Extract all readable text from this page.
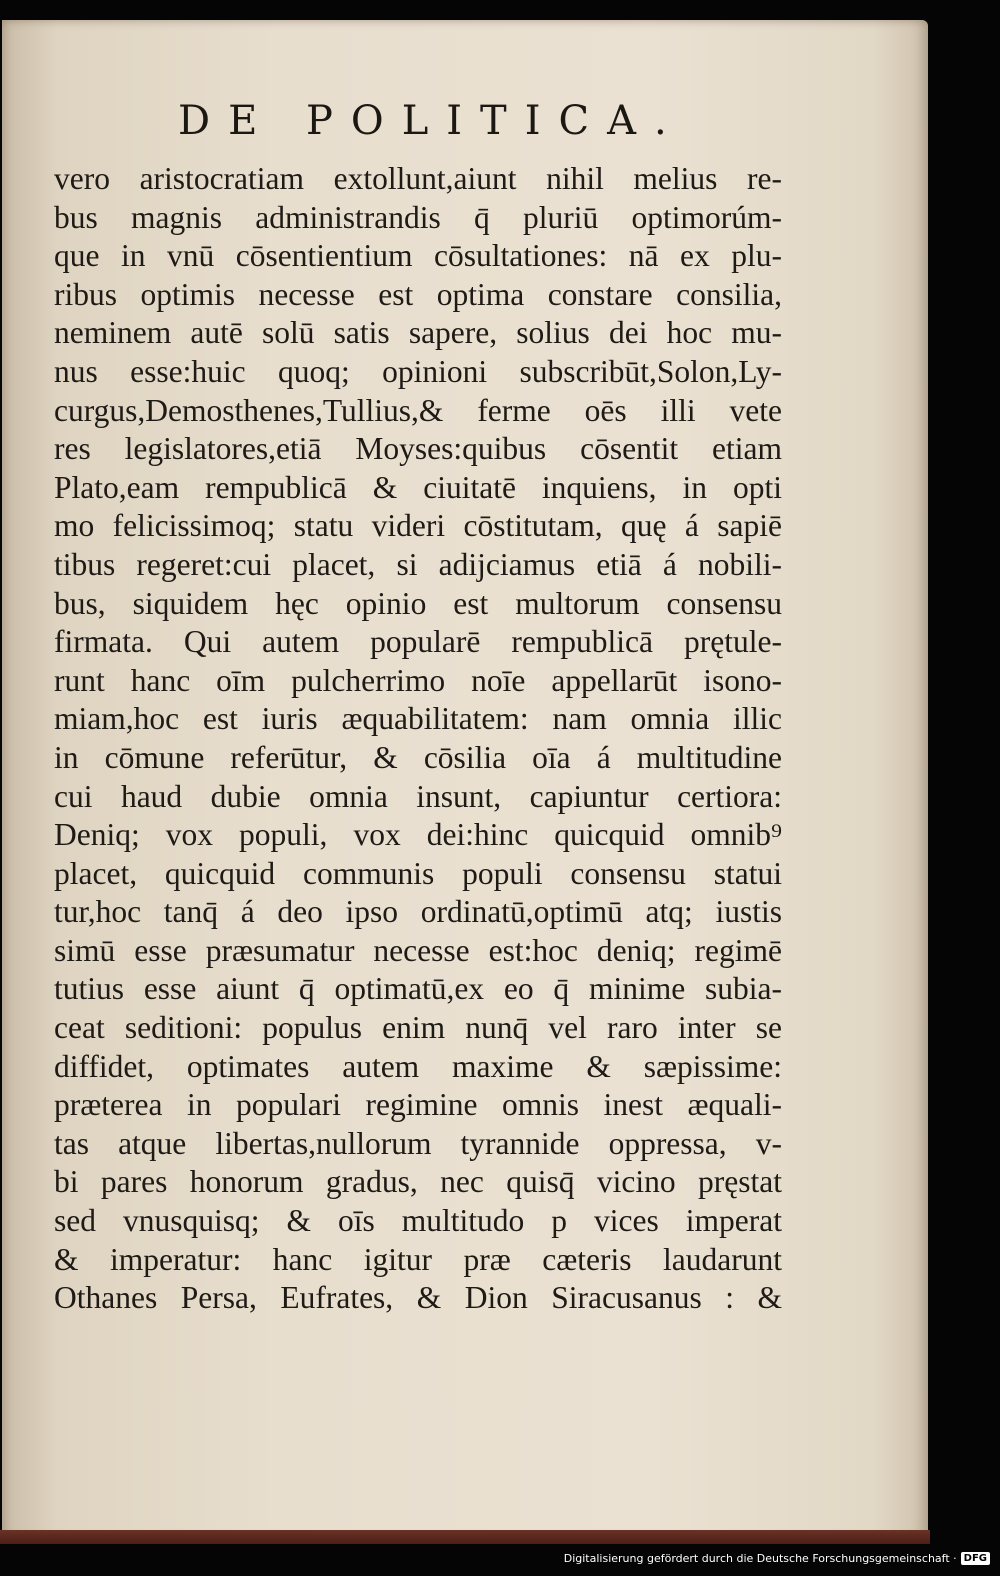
DE POLITICA.
vero aristocratiam extollunt,aiunt nihil melius re-
bus magnis administrandis q̄ pluriū optimorúm-
que in vnū cōsentientium cōsultationes: nā ex plu-
ribus optimis necesse est optima constare consilia,
neminem autē solū satis sapere, solius dei hoc mu-
nus esse:huic quoq; opinioni subscribūt,Solon,Ly-
curgus,Demosthenes,Tullius,& ferme oēs illi vete
res legislatores,etiā Moyses:quibus cōsentit etiam
Plato,eam rempublicā & ciuitatē inquiens, in opti
mo felicissimoq; statu videri cōstitutam, quę á sapiē
tibus regeret:cui placet, si adijciamus etiā á nobili-
bus, siquidem hęc opinio est multorum consensu
firmata. Qui autem popularē rempublicā prętule-
runt hanc oīm pulcherrimo noīe appellarūt isono-
miam,hoc est iuris æquabilitatem: nam omnia illic
in cōmune referūtur, & cōsilia oīa á multitudine
cui haud dubie omnia insunt, capiuntur certiora:
Deniq; vox populi, vox dei:hinc quicquid omnib⁹
placet, quicquid communis populi consensu statui
tur,hoc tanq̄ á deo ipso ordinatū,optimū atq; iustis
simū esse præsumatur necesse est:hoc deniq; regimē
tutius esse aiunt q̄ optimatū,ex eo q̄ minime subia-
ceat seditioni: populus enim nunq̄ vel raro inter se
diffidet, optimates autem maxime & sæpissime:
præterea in populari regimine omnis inest æquali-
tas atque libertas,nullorum tyrannide oppressa, v-
bi pares honorum gradus, nec quisq̄ vicino pręstat
sed vnusquisq; & oīs multitudo p vices imperat
& imperatur: hanc igitur præ cæteris laudarunt
Othanes Persa, Eufrates, & Dion Siracusanus : &
Digitalisierung gefördert durch die Deutsche Forschungsgemeinschaft · DFG
